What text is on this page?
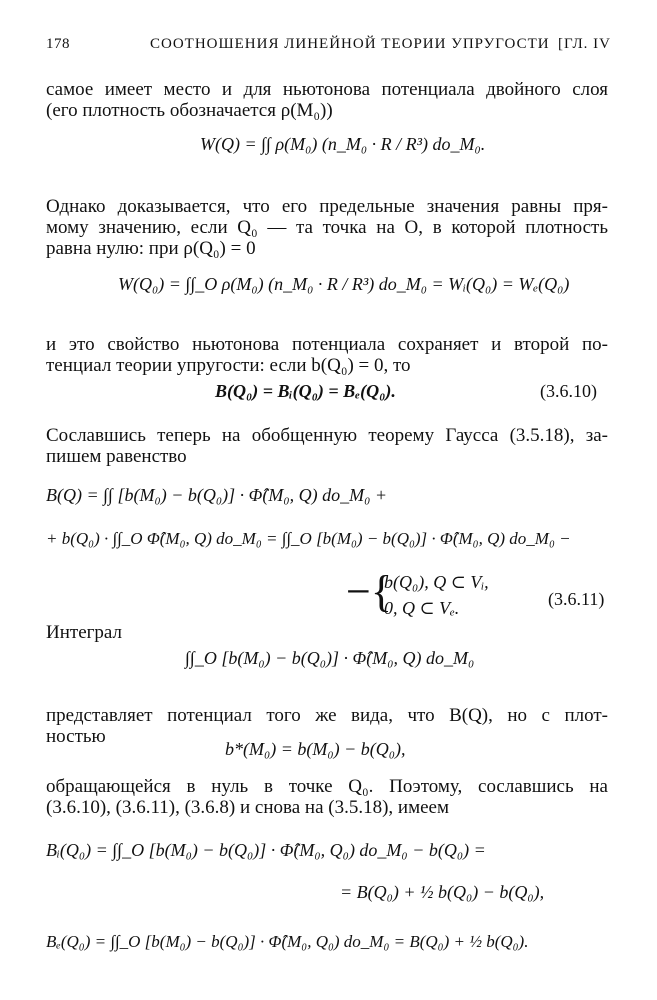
178	СООТНОШЕНИЯ ЛИНЕЙНОЙ ТЕОРИИ УПРУГОСТИ [ГЛ. IV
самое имеет место и для ньютонова потенциала двойного слоя
(его плотность обозначается ρ(M₀))
W(Q) = ∫∫ ρ(M₀) (n_M₀ · R / R³) do_M₀.
Однако доказывается, что его предельные значения равны пря-
мому значению, если Q₀ — та точка на O, в которой плотность
равна нулю: при ρ(Q₀) = 0
W(Q₀) = ∫∫_O ρ(M₀) (n_M₀ · R / R³) do_M₀ = Wᵢ(Q₀) = Wₑ(Q₀)
и это свойство ньютонова потенциала сохраняет и второй по-
тенциал теории упругости: если b(Q₀) = 0, то
B(Q₀) = Bᵢ(Q₀) = Bₑ(Q₀).	(3.6.10)
Сославшись теперь на обобщенную теорему Гаусса (3.5.18), за-
пишем равенство
B(Q) = ∫∫ [b(M₀) − b(Q₀)] · Φ̂(M₀, Q) do_M₀ +
+ b(Q₀) · ∫∫_O Φ̂(M₀, Q) do_M₀ = ∫∫_O [b(M₀) − b(Q₀)] · Φ̂(M₀, Q) do_M₀ −
−{
b(Q₀), Q ⊂ Vᵢ,
0, Q ⊂ Vₑ.	(3.6.11)
Интеграл
∫∫_O [b(M₀) − b(Q₀)] · Φ̂(M₀, Q) do_M₀
представляет потенциал того же вида, что B(Q), но с плот-
ностью
b*(M₀) = b(M₀) − b(Q₀),
обращающейся в нуль в точке Q₀. Поэтому, сославшись на
(3.6.10), (3.6.11), (3.6.8) и снова на (3.5.18), имеем
Bᵢ(Q₀) = ∫∫_O [b(M₀) − b(Q₀)] · Φ̂(M₀, Q₀) do_M₀ − b(Q₀) =
= B(Q₀) + ½ b(Q₀) − b(Q₀),
Bₑ(Q₀) = ∫∫_O [b(M₀) − b(Q₀)] · Φ̂(M₀, Q₀) do_M₀ = B(Q₀) + ½ b(Q₀).
